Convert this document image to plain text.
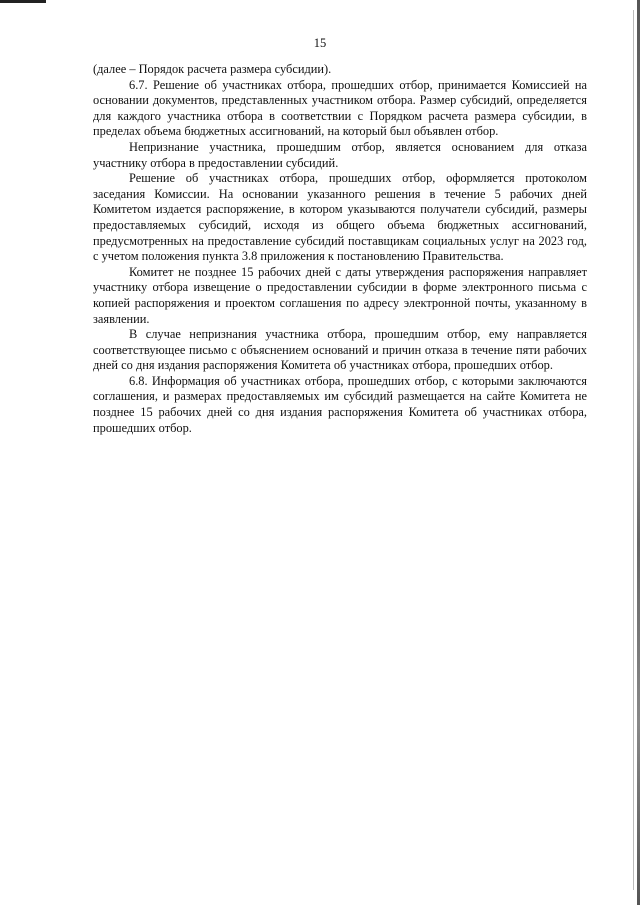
15

(далее – Порядок расчета размера субсидии).

6.7. Решение об участниках отбора, прошедших отбор, принимается Комиссией на основании документов, представленных участником отбора. Размер субсидий, определяется для каждого участника отбора в соответствии с Порядком расчета размера субсидии, в пределах объема бюджетных ассигнований, на который был объявлен отбор.

Непризнание участника, прошедшим отбор, является основанием для отказа участнику отбора в предоставлении субсидий.

Решение об участниках отбора, прошедших отбор, оформляется протоколом заседания Комиссии. На основании указанного решения в течение 5 рабочих дней Комитетом издается распоряжение, в котором указываются получатели субсидий, размеры предоставляемых субсидий, исходя из общего объема бюджетных ассигнований, предусмотренных на предоставление субсидий поставщикам социальных услуг на 2023 год, с учетом положения пункта 3.8 приложения к постановлению Правительства.

Комитет не позднее 15 рабочих дней с даты утверждения распоряжения направляет участнику отбора извещение о предоставлении субсидии в форме электронного письма с копией распоряжения и проектом соглашения по адресу электронной почты, указанному в заявлении.

В случае непризнания участника отбора, прошедшим отбор, ему направляется соответствующее письмо с объяснением оснований и причин отказа в течение пяти рабочих дней со дня издания распоряжения Комитета об участниках отбора, прошедших отбор.

6.8. Информация об участниках отбора, прошедших отбор, с которыми заключаются соглашения, и размерах предоставляемых им субсидий размещается на сайте Комитета не позднее 15 рабочих дней со дня издания распоряжения Комитета об участниках отбора, прошедших отбор.
